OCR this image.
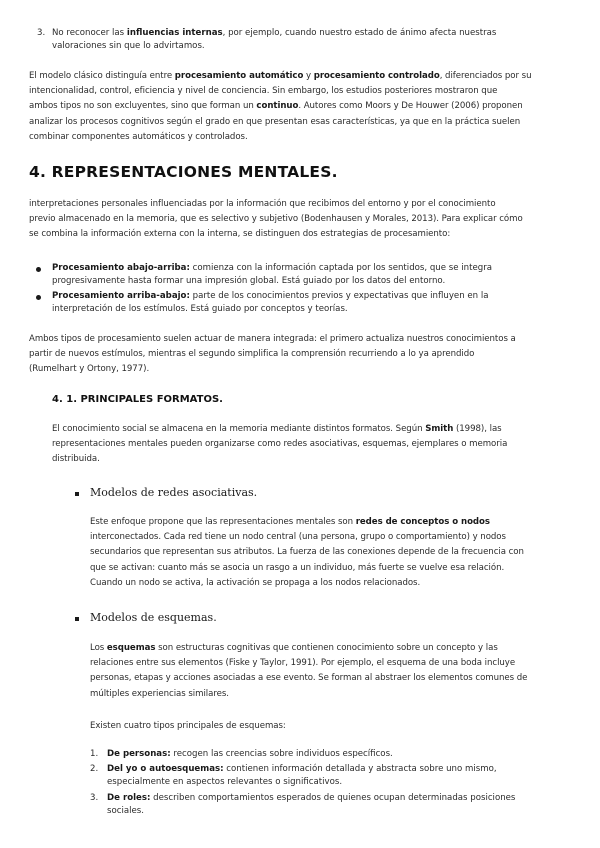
3. No reconocer las influencias internas, por ejemplo, cuando nuestro estado de ánimo afecta nuestras
valoraciones sin que lo advirtamos.
El modelo clásico distinguía entre procesamiento automático y procesamiento controlado, diferenciados por su
intencionalidad, control, eficiencia y nivel de conciencia. Sin embargo, los estudios posteriores mostraron que
ambos tipos no son excluyentes, sino que forman un continuo. Autores como Moors y De Houwer (2006) proponen
analizar los procesos cognitivos según el grado en que presentan esas características, ya que en la práctica suelen
combinar componentes automáticos y controlados.
4. REPRESENTACIONES MENTALES.
interpretaciones personales influenciadas por la información que recibimos del entorno y por el conocimiento
previo almacenado en la memoria, que es selectivo y subjetivo (Bodenhausen y Morales, 2013). Para explicar cómo
se combina la información externa con la interna, se distinguen dos estrategias de procesamiento:
Procesamiento abajo-arriba: comienza con la información captada por los sentidos, que se integra
progresivamente hasta formar una impresión global. Está guiado por los datos del entorno.
Procesamiento arriba-abajo: parte de los conocimientos previos y expectativas que influyen en la
interpretación de los estímulos. Está guiado por conceptos y teorías.
Ambos tipos de procesamiento suelen actuar de manera integrada: el primero actualiza nuestros conocimientos a
partir de nuevos estímulos, mientras el segundo simplifica la comprensión recurriendo a lo ya aprendido
(Rumelhart y Ortony, 1977).
4. 1. PRINCIPALES FORMATOS.
El conocimiento social se almacena en la memoria mediante distintos formatos. Según Smith (1998), las
representaciones mentales pueden organizarse como redes asociativas, esquemas, ejemplares o memoria
distribuida.
Modelos de redes asociativas.
Este enfoque propone que las representaciones mentales son redes de conceptos o nodos
interconectados. Cada red tiene un nodo central (una persona, grupo o comportamiento) y nodos
secundarios que representan sus atributos. La fuerza de las conexiones depende de la frecuencia con
que se activan: cuanto más se asocia un rasgo a un individuo, más fuerte se vuelve esa relación.
Cuando un nodo se activa, la activación se propaga a los nodos relacionados.
Modelos de esquemas.
Los esquemas son estructuras cognitivas que contienen conocimiento sobre un concepto y las
relaciones entre sus elementos (Fiske y Taylor, 1991). Por ejemplo, el esquema de una boda incluye
personas, etapas y acciones asociadas a ese evento. Se forman al abstraer los elementos comunes de
múltiples experiencias similares.
Existen cuatro tipos principales de esquemas:
1. De personas: recogen las creencias sobre individuos específicos.
2. Del yo o autoesquemas: contienen información detallada y abstracta sobre uno mismo,
especialmente en aspectos relevantes o significativos.
3. De roles: describen comportamientos esperados de quienes ocupan determinadas posiciones
sociales.
